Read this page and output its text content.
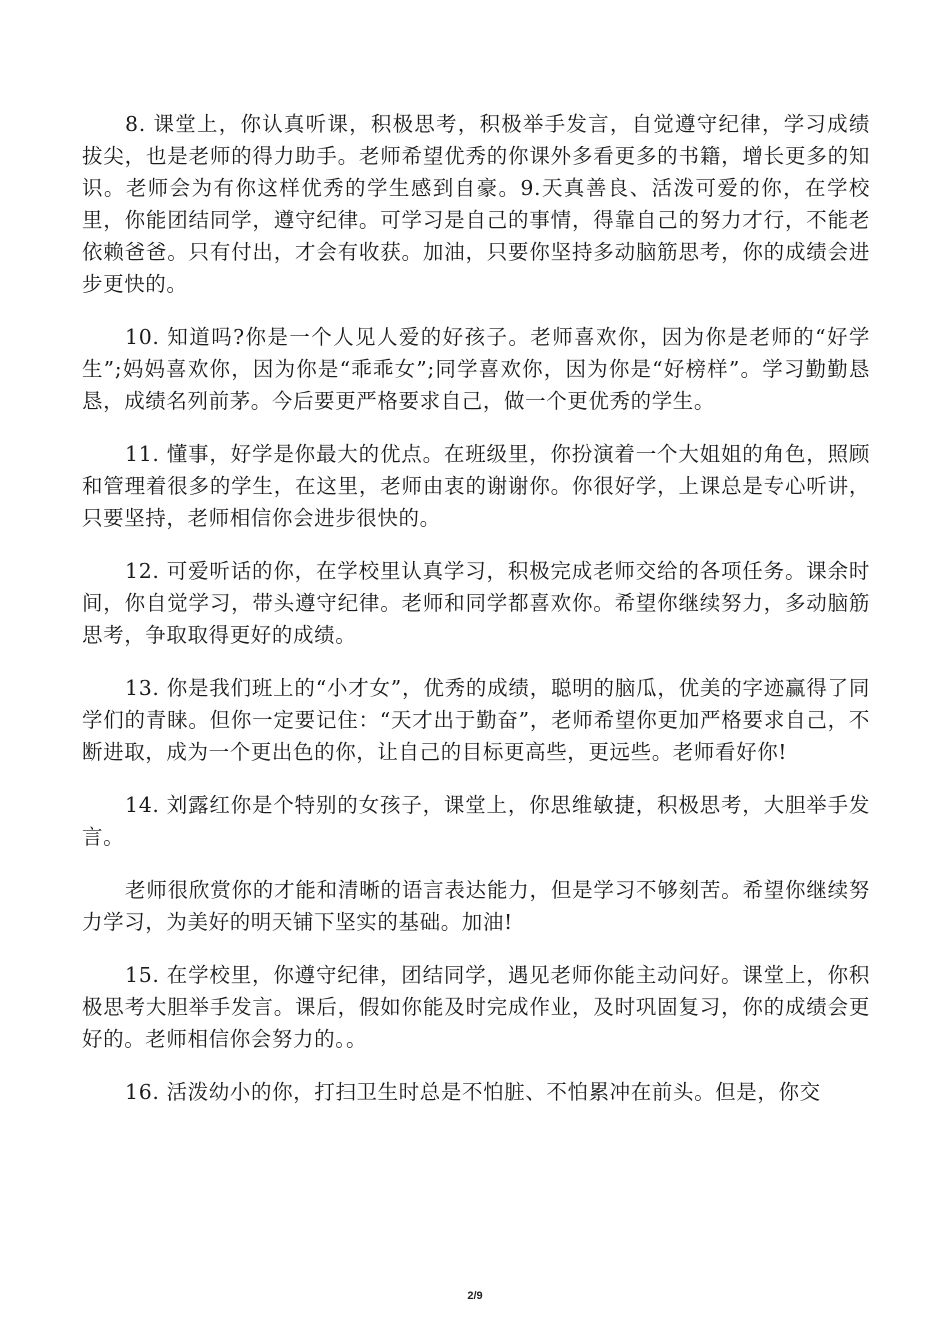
8. 课堂上，你认真听课，积极思考，积极举手发言，自觉遵守纪律，学习成绩拔尖，也是老师的得力助手。老师希望优秀的你课外多看更多的书籍，增长更多的知识。老师会为有你这样优秀的学生感到自豪。9.天真善良、活泼可爱的你，在学校里，你能团结同学，遵守纪律。可学习是自己的事情，得靠自己的努力才行，不能老依赖爸爸。只有付出，才会有收获。加油，只要你坚持多动脑筋思考，你的成绩会进步更快的。

10. 知道吗?你是一个人见人爱的好孩子。老师喜欢你，因为你是老师的“好学生”;妈妈喜欢你，因为你是“乖乖女”;同学喜欢你，因为你是“好榜样”。学习勤勤恳恳，成绩名列前茅。今后要更严格要求自己，做一个更优秀的学生。

11. 懂事，好学是你最大的优点。在班级里，你扮演着一个大姐姐的角色，照顾和管理着很多的学生，在这里，老师由衷的谢谢你。你很好学，上课总是专心听讲，只要坚持，老师相信你会进步很快的。

12. 可爱听话的你，在学校里认真学习，积极完成老师交给的各项任务。课余时间，你自觉学习，带头遵守纪律。老师和同学都喜欢你。希望你继续努力，多动脑筋思考，争取取得更好的成绩。

13. 你是我们班上的“小才女”，优秀的成绩，聪明的脑瓜，优美的字迹赢得了同学们的青睐。但你一定要记住：“天才出于勤奋”，老师希望你更加严格要求自己，不断进取，成为一个更出色的你，让自己的目标更高些，更远些。老师看好你!

14. 刘露红你是个特别的女孩子，课堂上，你思维敏捷，积极思考，大胆举手发言。

老师很欣赏你的才能和清晰的语言表达能力，但是学习不够刻苦。希望你继续努力学习，为美好的明天铺下坚实的基础。加油!

15. 在学校里，你遵守纪律，团结同学，遇见老师你能主动问好。课堂上，你积极思考大胆举手发言。课后，假如你能及时完成作业，及时巩固复习，你的成绩会更好的。老师相信你会努力的。。

16. 活泼幼小的你，打扫卫生时总是不怕脏、不怕累冲在前头。但是，你交

2/9
